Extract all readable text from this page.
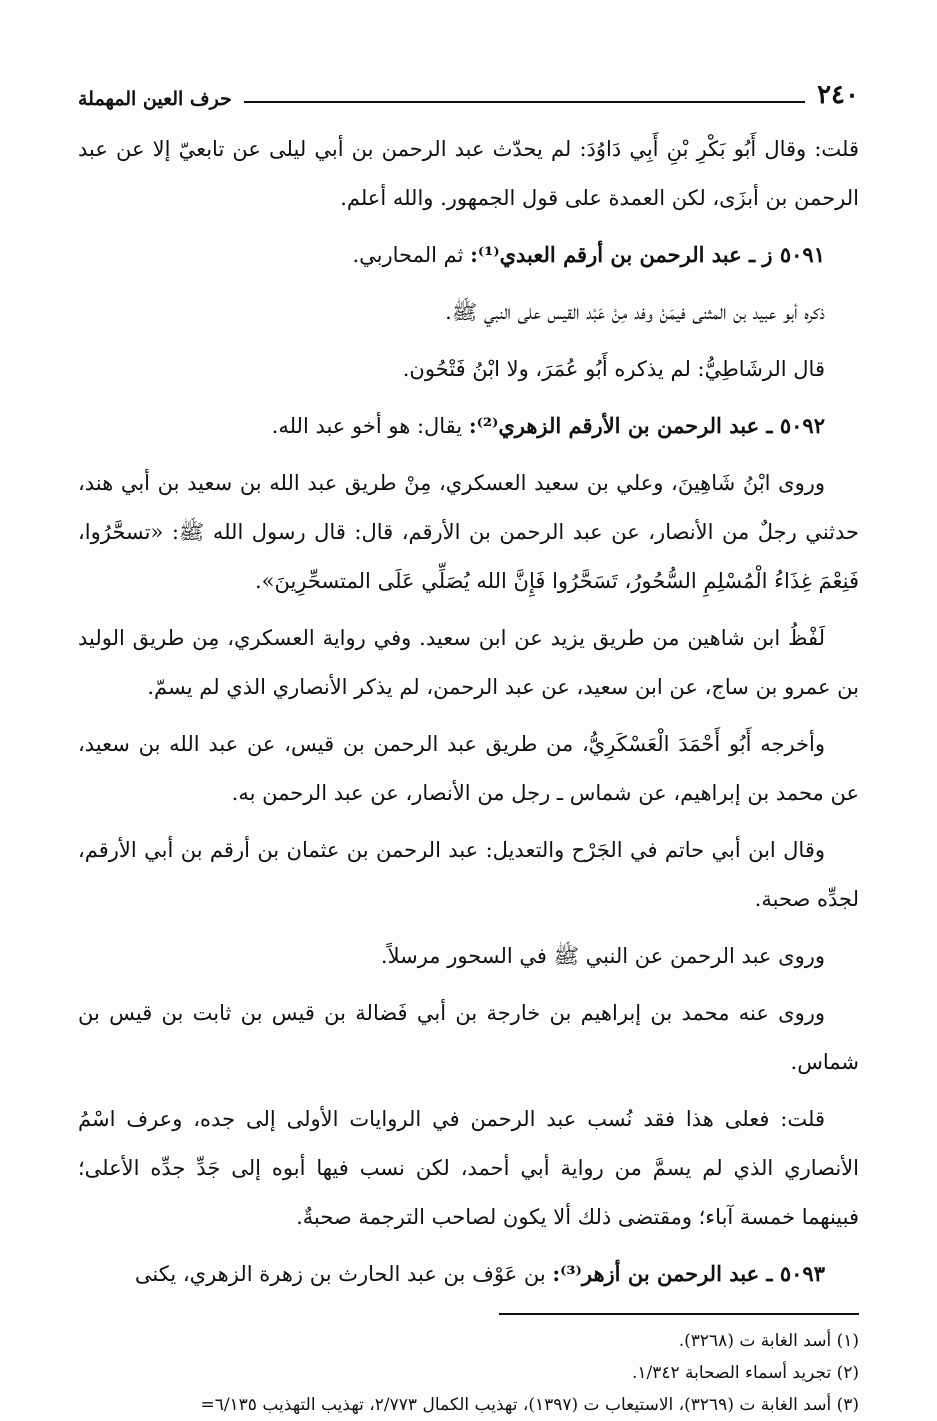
٢٤٠
حرف العين المهملة

قلت: وقال أَبُو بَكْرِ بْنِ أَبِي دَاوُدَ: لم يحدّث عبد الرحمن بن أبي ليلى عن تابعيّ إلا عن عبد الرحمن بن أبزَى، لكن العمدة على قول الجمهور. والله أعلم.

٥٠٩١ ز ـ عبد الرحمن بن أرقم العبدي⁽¹⁾: ثم المحاربي.

ذكره أبو عبيد بن المثنى فيمَنْ وفد مِنْ عَبْد القيس على النبي ﷺ.

قال الرشَاطِيُّ: لم يذكره أَبُو عُمَرَ، ولا ابْنُ فَتْحُون.

٥٠٩٢ ـ عبد الرحمن بن الأرقم الزهري⁽²⁾: يقال: هو أخو عبد الله.

وروى ابْنُ شَاهِينَ، وعلي بن سعيد العسكري، مِنْ طريق عبد الله بن سعيد بن أبي هند، حدثني رجلٌ من الأنصار، عن عبد الرحمن بن الأرقم، قال: قال رسول الله ﷺ: «تسحَّرُوا، فَنِعْمَ غِذَاءُ الْمُسْلِمِ السُّحُورُ، تَسَحَّرُوا فَإِنَّ الله يُصَلِّي عَلَى المتسحِّرِينَ».

لَفْظُ ابن شاهين من طريق يزيد عن ابن سعيد. وفي رواية العسكري، مِن طريق الوليد بن عمرو بن ساج، عن ابن سعيد، عن عبد الرحمن، لم يذكر الأنصاري الذي لم يسمّ.

وأخرجه أَبُو أَحْمَدَ الْعَسْكَرِيُّ، من طريق عبد الرحمن بن قيس، عن عبد الله بن سعيد، عن محمد بن إبراهيم، عن شماس ـ رجل من الأنصار، عن عبد الرحمن به.

وقال ابن أبي حاتم في الجَرْح والتعديل: عبد الرحمن بن عثمان بن أرقم بن أبي الأرقم، لجدِّه صحبة.

وروى عبد الرحمن عن النبي ﷺ في السحور مرسلاً.

وروى عنه محمد بن إبراهيم بن خارجة بن أبي فَضالة بن قيس بن ثابت بن قيس بن شماس.

قلت: فعلى هذا فقد نُسب عبد الرحمن في الروايات الأولى إلى جده، وعرف اسْمُ الأنصاري الذي لم يسمَّ من رواية أبي أحمد، لكن نسب فيها أبوه إلى جَدِّ جدِّه الأعلى؛ فبينهما خمسة آباء؛ ومقتضى ذلك ألا يكون لصاحب الترجمة صحبةٌ.

٥٠٩٣ ـ عبد الرحمن بن أزهر⁽³⁾: بن عَوْف بن عبد الحارث بن زهرة الزهري، يكنى

(١) أسد الغابة ت (٣٢٦٨).

(٢) تجريد أسماء الصحابة ١/٣٤٢.

(٣) أسد الغابة ت (٣٢٦٩)، الاستيعاب ت (١٣٩٧)، تهذيب الكمال ٢/٧٧٣، تهذيب التهذيب ٦/١٣٥=
